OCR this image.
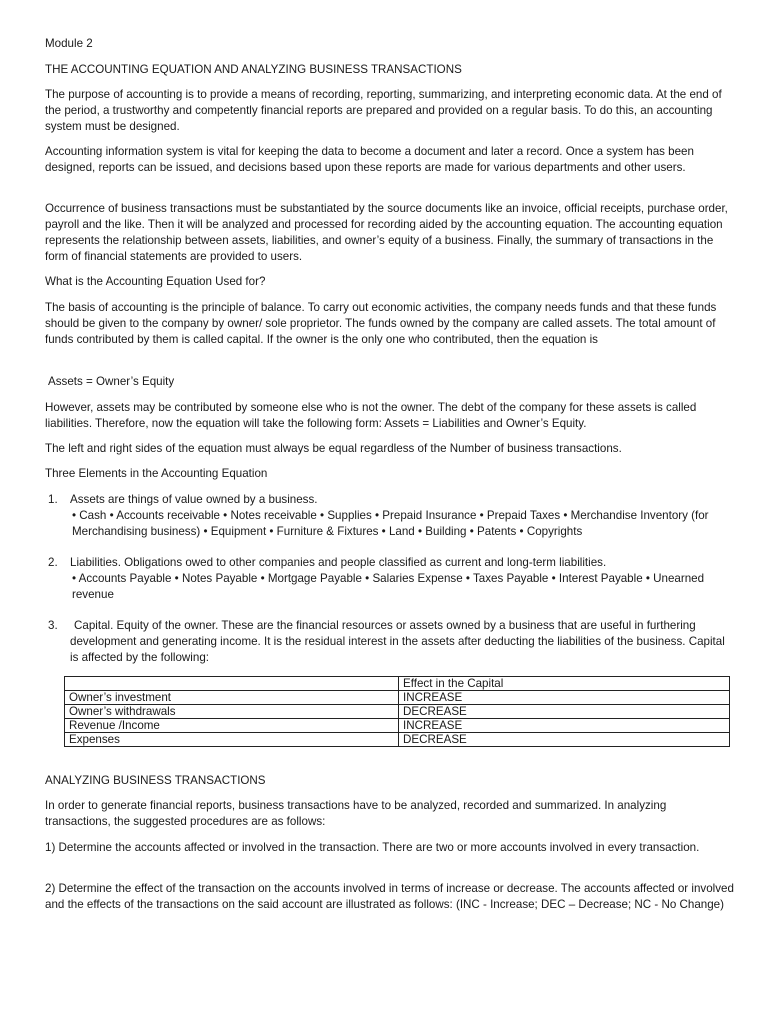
Module 2

THE ACCOUNTING EQUATION AND ANALYZING BUSINESS TRANSACTIONS

The purpose of accounting is to provide a means of recording, reporting, summarizing, and interpreting economic data. At the end of the period, a trustworthy and competently financial reports are prepared and provided on a regular basis. To do this, an accounting system must be designed.

Accounting information system is vital for keeping the data to become a document and later a record. Once a system has been designed, reports can be issued, and decisions based upon these reports are made for various departments and other users.

Occurrence of business transactions must be substantiated by the source documents like an invoice, official receipts, purchase order, payroll and the like. Then it will be analyzed and processed for recording aided by the accounting equation. The accounting equation represents the relationship between assets, liabilities, and owner’s equity of a business. Finally, the summary of transactions in the form of financial statements are provided to users.

What is the Accounting Equation Used for?

The basis of accounting is the principle of balance. To carry out economic activities, the company needs funds and that these funds should be given to the company by owner/ sole proprietor. The funds owned by the company are called assets. The total amount of funds contributed by them is called capital. If the owner is the only one who contributed, then the equation is

Assets = Owner’s Equity

However, assets may be contributed by someone else who is not the owner. The debt of the company for these assets is called liabilities. Therefore, now the equation will take the following form: Assets = Liabilities and Owner’s Equity.

The left and right sides of the equation must always be equal regardless of the Number of business transactions.

Three Elements in the Accounting Equation

1. Assets are things of value owned by a business.
• Cash • Accounts receivable • Notes receivable • Supplies • Prepaid Insurance • Prepaid Taxes • Merchandise Inventory (for Merchandising business) • Equipment • Furniture & Fixtures • Land • Building • Patents • Copyrights
2. Liabilities. Obligations owed to other companies and people classified as current and long-term liabilities.
• Accounts Payable • Notes Payable • Mortgage Payable • Salaries Expense • Taxes Payable • Interest Payable • Unearned revenue
3.	Capital. Equity of the owner. These are the financial resources or assets owned by a business that are useful in furthering development and generating income. It is the residual interest in the assets after deducting the liabilities of the business. Capital is affected by the following:
	Effect in the Capital
Owner’s investment	INCREASE
Owner’s withdrawals	DECREASE
Revenue /Income	INCREASE
Expenses	DECREASE

ANALYZING BUSINESS TRANSACTIONS

In order to generate financial reports, business transactions have to be analyzed, recorded and summarized. In analyzing transactions, the suggested procedures are as follows:

1) Determine the accounts affected or involved in the transaction. There are two or more accounts involved in every transaction.

2) Determine the effect of the transaction on the accounts involved in terms of increase or decrease. The accounts affected or involved and the effects of the transactions on the said account are illustrated as follows: (INC - Increase; DEC – Decrease; NC - No Change)
